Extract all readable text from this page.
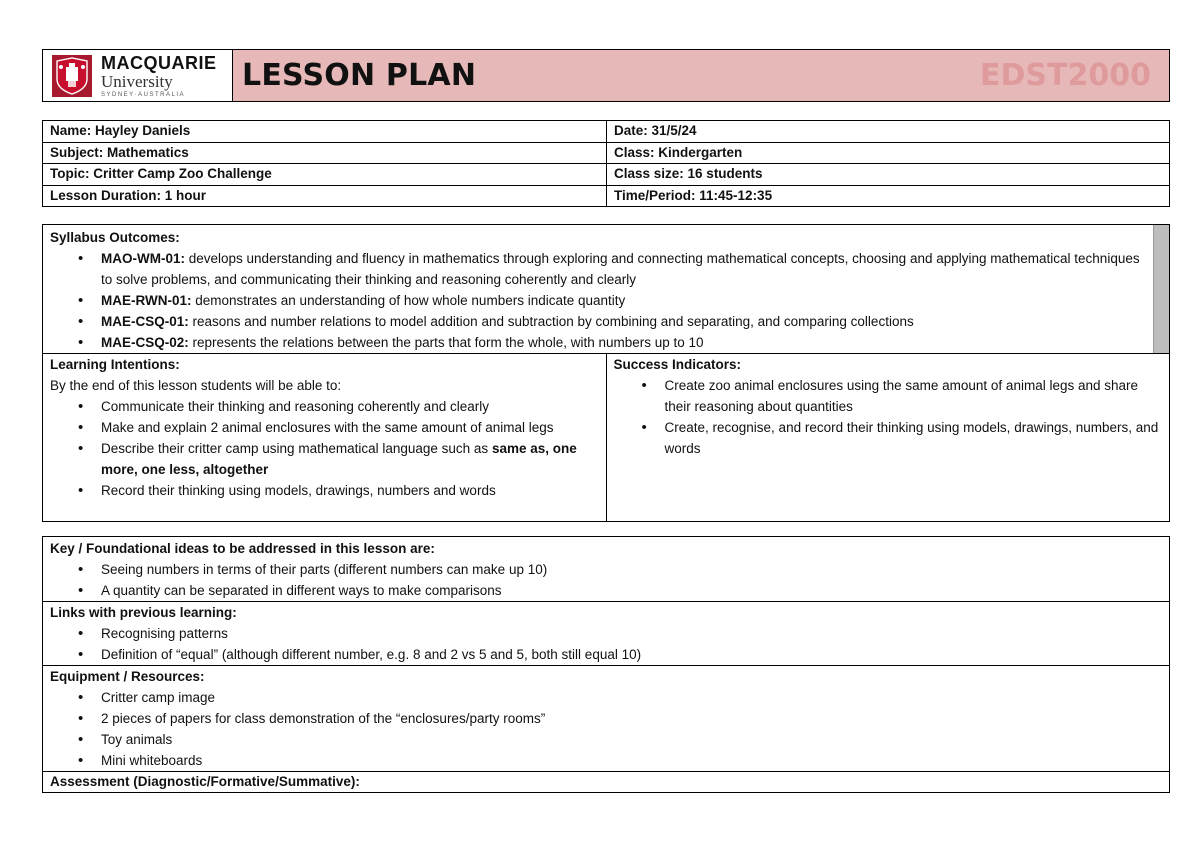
MACQUARIE
University
SYDNEY·AUSTRALIA
LESSON PLAN	EDST2000
Name: Hayley Daniels	Date: 31/5/24
Subject: Mathematics	Class: Kindergarten
Topic: Critter Camp Zoo Challenge	Class size: 16 students
Lesson Duration: 1 hour	Time/Period: 11:45-12:35
Syllabus Outcomes:
• MAO-WM-01: develops understanding and fluency in mathematics through exploring and connecting mathematical concepts, choosing and applying mathematical techniques to solve problems, and communicating their thinking and reasoning coherently and clearly
• MAE-RWN-01: demonstrates an understanding of how whole numbers indicate quantity
• MAE-CSQ-01: reasons and number relations to model addition and subtraction by combining and separating, and comparing collections
• MAE-CSQ-02: represents the relations between the parts that form the whole, with numbers up to 10

Learning Intentions:
By the end of this lesson students will be able to:
• Communicate their thinking and reasoning coherently and clearly
• Make and explain 2 animal enclosures with the same amount of animal legs
• Describe their critter camp using mathematical language such as same as, one more, one less, altogether
• Record their thinking using models, drawings, numbers and words

Success Indicators:
• Create zoo animal enclosures using the same amount of animal legs and share their reasoning about quantities
• Create, recognise, and record their thinking using models, drawings, numbers, and words
Key / Foundational ideas to be addressed in this lesson are:
• Seeing numbers in terms of their parts (different numbers can make up 10)
• A quantity can be separated in different ways to make comparisons

Links with previous learning:
• Recognising patterns
• Definition of “equal” (although different number, e.g. 8 and 2 vs 5 and 5, both still equal 10)

Equipment / Resources:
• Critter camp image
• 2 pieces of papers for class demonstration of the “enclosures/party rooms”
• Toy animals
• Mini whiteboards

Assessment (Diagnostic/Formative/Summative):
